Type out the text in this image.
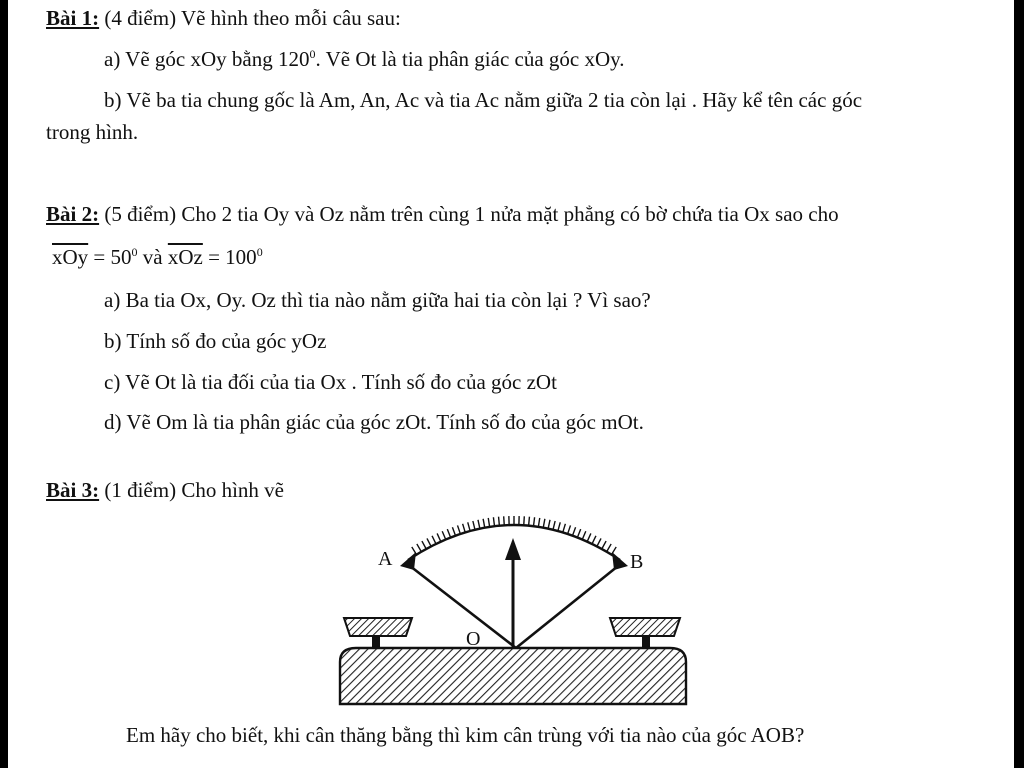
Bài 1: (4 điểm) Vẽ hình theo mỗi câu sau:
a) Vẽ góc xOy bằng $120^0$. Vẽ Ot là tia phân giác của góc xOy.
b) Vẽ ba tia chung gốc là Am, An, Ac và tia Ac nằm giữa 2 tia còn lại . Hãy kể tên các góc
trong hình.
Bài 2: (5 điểm) Cho 2 tia Oy và Oz nằm trên cùng 1 nửa mặt phẳng có bờ chứa tia Ox sao cho
$\overline{xOy} = 50^0$ và $\overline{xOz} = 100^0$
a) Ba tia Ox, Oy. Oz thì tia nào nằm giữa hai tia còn lại ? Vì sao?
b) Tính số đo của góc yOz
c) Vẽ Ot là tia đối của tia Ox . Tính số đo của góc zOt
d) Vẽ Om là tia phân giác của góc zOt. Tính số đo của góc mOt.
Bài 3: (1 điểm) Cho hình vẽ
A	B
O
Em hãy cho biết, khi cân thăng bằng thì kim cân trùng với tia nào của góc AOB?
